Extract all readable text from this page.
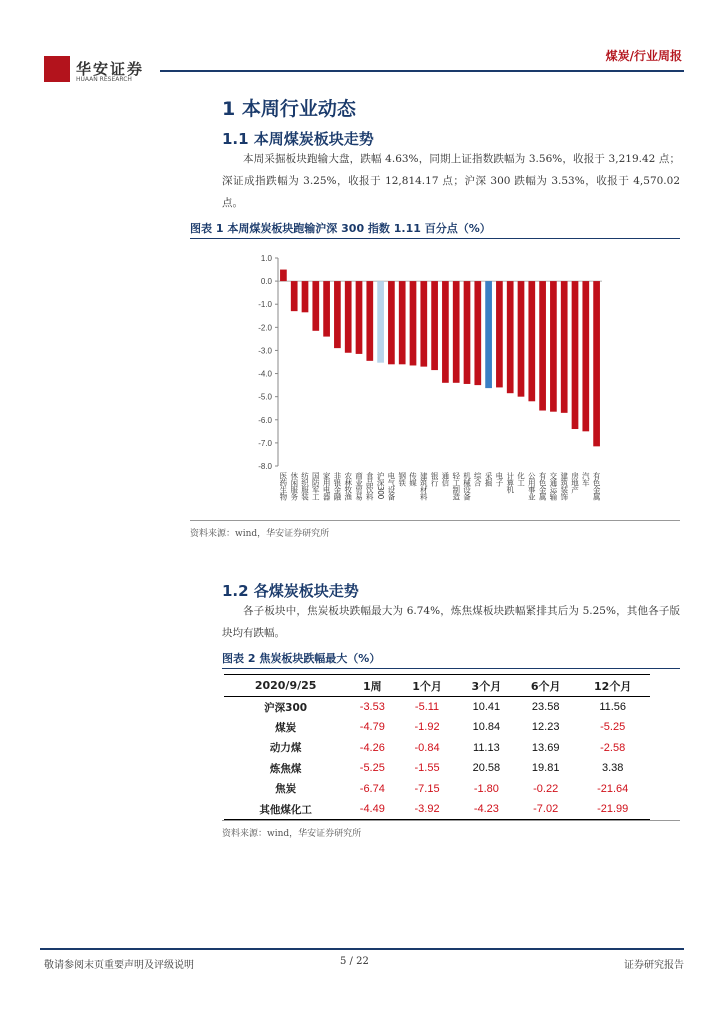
华安证券
HUAAN RESEARCH
煤炭/行业周报
1 本周行业动态
1.1 本周煤炭板块走势

本周采掘板块跑输大盘，跌幅 4.63%，同期上证指数跌幅为 3.56%，收报于 3,219.42 点；深证成指跌幅为 3.25%，收报于 12,814.17 点；沪深 300 跌幅为 3.53%，收报于 4,570.02 点。

图表 1 本周煤炭板块跑输沪深 300 指数 1.11 百分点（%）
1.0
0.0
-1.0
-2.0
-3.0
-4.0
-5.0
-6.0
-7.0
-8.0
医药生物 休闲服务 纺织服装 国防军工 家用电器 非银金融 农林牧渔 商业贸易 食品饮料 沪深300 电气设备 钢铁 传媒 建筑材料 银行 通信 轻工制造 机械设备 综合 采掘 电子 计算机 化工 公用事业 有色金属 交通运输 建筑装饰 房地产 汽车 有色金属
资料来源：wind，华安证券研究所
1.2 各煤炭板块走势

各子板块中，焦炭板块跌幅最大为 6.74%，炼焦煤板块跌幅紧排其后为 5.25%，其他各子版块均有跌幅。

图表 2 焦炭板块跌幅最大（%）
2020/9/25	1周	1个月	3个月	6个月	12个月
沪深300	-3.53	-5.11	10.41	23.58	11.56
煤炭	-4.79	-1.92	10.84	12.23	-5.25
动力煤	-4.26	-0.84	11.13	13.69	-2.58
炼焦煤	-5.25	-1.55	20.58	19.81	3.38
焦炭	-6.74	-7.15	-1.80	-0.22	-21.64
其他煤化工	-4.49	-3.92	-4.23	-7.02	-21.99
资料来源：wind，华安证券研究所
敬请参阅末页重要声明及评级说明	5 / 22	证券研究报告
